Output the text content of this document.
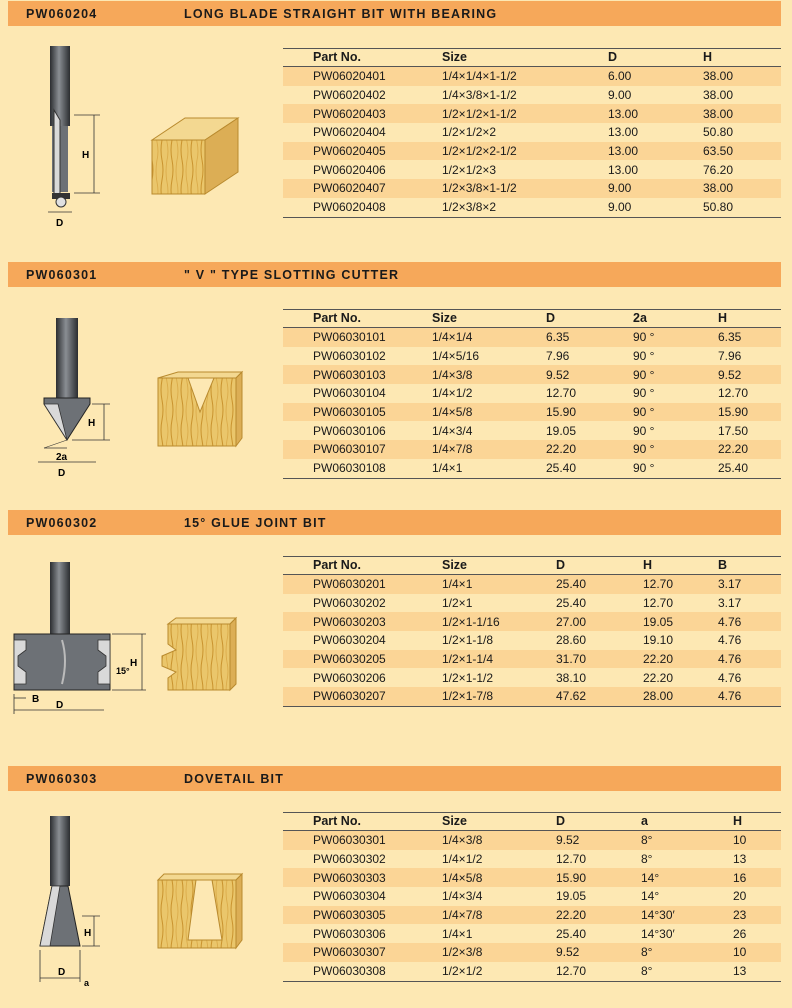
PW060204	LONG BLADE STRAIGHT BIT WITH BEARING
D
H
Part No.	Size	D	H
PW06020401	1/4×1/4×1-1/2	6.00	38.00
PW06020402	1/4×3/8×1-1/2	9.00	38.00
PW06020403	1/2×1/2×1-1/2	13.00	38.00
PW06020404	1/2×1/2×2	13.00	50.80
PW06020405	1/2×1/2×2-1/2	13.00	63.50
PW06020406	1/2×1/2×3	13.00	76.20
PW06020407	1/2×3/8×1-1/2	9.00	38.00
PW06020408	1/2×3/8×2	9.00	50.80
PW060301	" V " TYPE SLOTTING CUTTER
H
2a
D
Part No.	Size	D	2a	H
PW06030101	1/4×1/4	6.35	90 °	6.35
PW06030102	1/4×5/16	7.96	90 °	7.96
PW06030103	1/4×3/8	9.52	90 °	9.52
PW06030104	1/4×1/2	12.70	90 °	12.70
PW06030105	1/4×5/8	15.90	90 °	15.90
PW06030106	1/4×3/4	19.05	90 °	17.50
PW06030107	1/4×7/8	22.20	90 °	22.20
PW06030108	1/4×1	25.40	90 °	25.40
PW060302	15° GLUE JOINT BIT
15°
H
B
D
Part No.	Size	D	H	B
PW06030201	1/4×1	25.40	12.70	3.17
PW06030202	1/2×1	25.40	12.70	3.17
PW06030203	1/2×1-1/16	27.00	19.05	4.76
PW06030204	1/2×1-1/8	28.60	19.10	4.76
PW06030205	1/2×1-1/4	31.70	22.20	4.76
PW06030206	1/2×1-1/2	38.10	22.20	4.76
PW06030207	1/2×1-7/8	47.62	28.00	4.76
PW060303	DOVETAIL BIT
H
D
a
Part No.	Size	D	a	H
PW06030301	1/4×3/8	9.52	8°	10
PW06030302	1/4×1/2	12.70	8°	13
PW06030303	1/4×5/8	15.90	14°	16
PW06030304	1/4×3/4	19.05	14°	20
PW06030305	1/4×7/8	22.20	14°30′	23
PW06030306	1/4×1	25.40	14°30′	26
PW06030307	1/2×3/8	9.52	8°	10
PW06030308	1/2×1/2	12.70	8°	13
